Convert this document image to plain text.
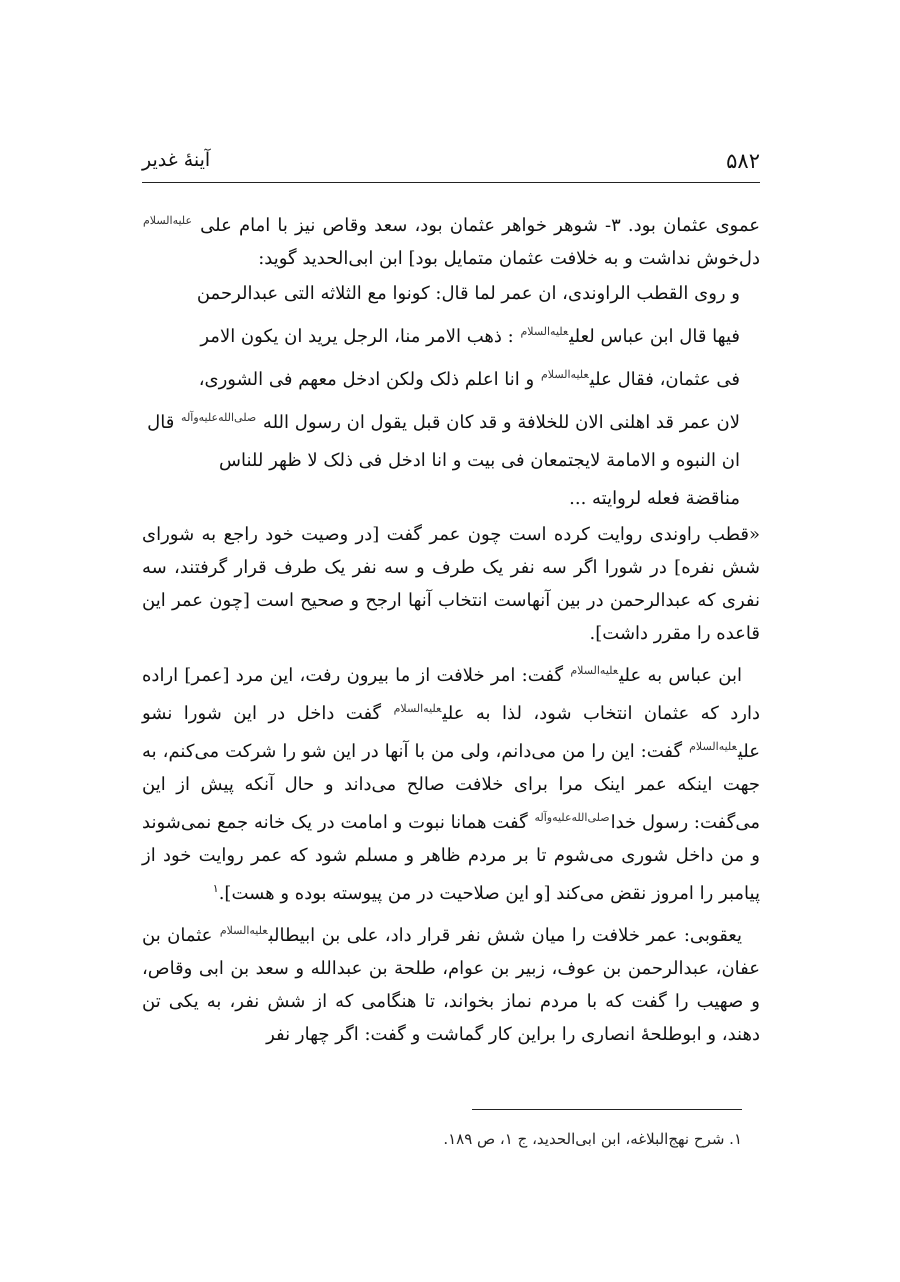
۵۸۲
آینهٔ غدیر

عموی عثمان بود. ۳- شوهر خواهر عثمان بود، سعد وقاص نیز با امام علی $^{عليه‌السلام}$ دل‌خوش نداشت و به خلافت عثمان متمایل بود] ابن ابی‌الحدید گوید:

و روی القطب الراوندی، ان عمر لما قال: کونوا مع الثلاثه التی عبدالرحمن

فیها قال ابن عباس لعلی$^{عليه‌السلام}$ : ذهب الامر منا، الرجل یرید ان یکون الامر

فی عثمان، فقال علی$^{عليه‌السلام}$ و انا اعلم ذلک ولکن ادخل معهم فی الشوری،

لان عمر قد اهلنی الان للخلافة و قد کان قبل یقول ان رسول الله $^{صلى‌الله‌عليه‌وآله}$ قال

ان النبوه و الامامة لایجتمعان فی بیت و انا ادخل فی ذلک لا ظهر للناس

مناقضة فعله لروایته ...

«قطب راوندی روایت کرده است چون عمر گفت [در وصیت خود راجع به شورای شش نفره] در شورا اگر سه نفر یک طرف و سه نفر یک طرف قرار گرفتند، سه نفری که عبدالرحمن در بین آنهاست انتخاب آنها ارجح و صحیح است [چون عمر این قاعده را مقرر داشت].

ابن عباس به علی$^{عليه‌السلام}$ گفت: امر خلافت از ما بیرون رفت، این مرد [عمر] اراده دارد که عثمان انتخاب شود، لذا به علی$^{عليه‌السلام}$ گفت داخل در این شورا نشو علی$^{عليه‌السلام}$ گفت: این را من می‌دانم، ولی من با آنها در این شو را شرکت می‌کنم، به جهت اینکه عمر اینک مرا برای خلافت صالح می‌داند و حال آنکه پیش از این می‌گفت: رسول خدا$^{صلى‌الله‌عليه‌وآله}$ گفت همانا نبوت و امامت در یک خانه جمع نمی‌شوند و من داخل شوری می‌شوم تا بر مردم ظاهر و مسلم شود که عمر روایت خود از پیامبر را امروز نقض می‌کند [و این صلاحیت در من پیوسته بوده و هست].$^۱$

یعقوبی: عمر خلافت را میان شش نفر قرار داد، علی بن ابیطالب$^{عليه‌السلام}$ عثمان بن عفان، عبدالرحمن بن عوف، زبیر بن عوام، طلحة بن عبدالله و سعد بن ابی وقاص، و صهیب را گفت که با مردم نماز بخواند، تا هنگامی که از شش نفر، به یکی تن دهند، و ابوطلحهٔ انصاری را براین کار گماشت و گفت: اگر چهار نفر

۱. شرح نهج‌البلاغه، ابن ابی‌الحدید، ج ۱، ص ۱۸۹.
